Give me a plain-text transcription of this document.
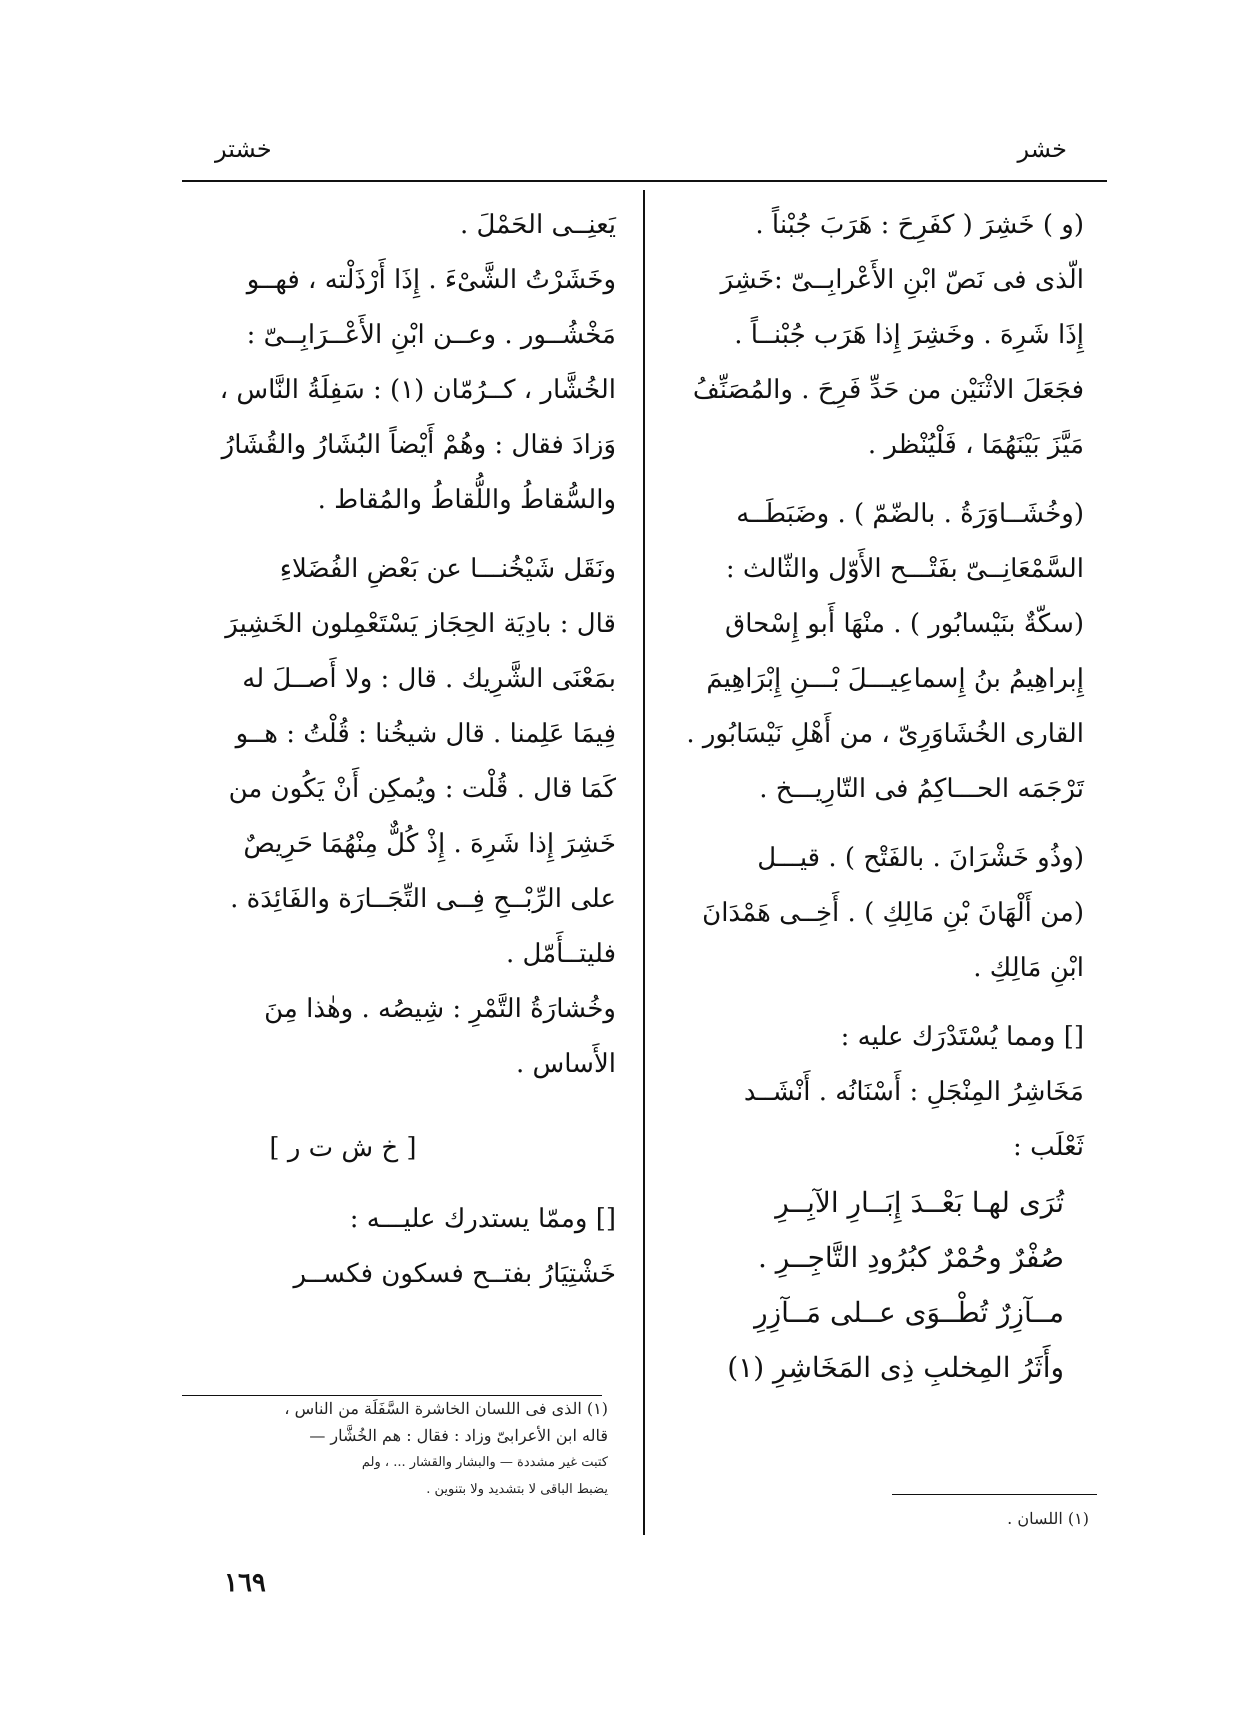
خشر
خشتر
(و ) خَشِرَ ( كفَرِحَ : هَرَبَ جُبْناً .
الّذى فى نَصّ ابْنِ الأَعْرابِــىّ :خَشِرَ
إِذَا شَرِهَ . وخَشِرَ إِذا هَرَب جُبْنــاً .
فجَعَلَ الاثْنَيْن من حَدِّ فَرِحَ . والمُصَنِّفُ
مَيَّزَ بَيْنَهُمَا ، فَلْيُنْظر .
(وخُشَــاوَرَةُ . بالضّمّ ) . وضَبَطَــه
السَّمْعَانِــىّ بفَتْـــح الأَوّل والثّالث :
(سكّةٌ بنَيْسابُور ) . منْهَا أَبو إِسْحاق
إِبراهِيمُ بنُ إِسماعِيـــلَ بْـــنِ إِبْرَاهِيمَ
القارى الخُشَاوَرِىّ ، من أَهْلِ نَيْسَابُور .
تَرْجَمَه الحـــاكِمُ فى التّارِيـــخ .
(وذُو خَشْرَانَ . بالفَتْح ) . قيـــل
(من أَلْهَانَ بْنِ مَالِكِ ) . أَخِــى هَمْدَانَ
ابْنِ مَالِكِ .
[] ومما يُسْتَدْرَك عليه :
مَخَاشِرُ المِنْجَلِ : أَسْنَانُه . أَنْشَــد
ثَعْلَب :
تُرَى لهـا بَعْــدَ إِبَــارِ الآبِــرِ
صُفْرٌ وحُمْرٌ كبُرُودِ التَّاجِــرِ .
مــآزِرٌ تُطْــوَى عــلى مَــآزِرِ
وأَثَرُ المِخلبِ ذِى المَخَاشِرِ (١)
يَعنِــى الحَمْلَ .
وخَشَرْتُ الشَّىْءَ . إِذَا أَرْذَلْته ، فهــو
مَخْشُــور . وعــن ابْنِ الأَعْــرَابِــىّ :
الخُشَّار ، كــرُمّان (١) : سَفِلَةُ النَّاس ،
وَزادَ فقال : وهُمْ أَيْضاً البُشَارُ والقُشَارُ
والسُّقاطُ واللُّقاطُ والمُقاط .
ونَقَل شَيْخُنـــا عن بَعْضِ الفُضَلاءِ
قال : بادِيَة الحِجَاز يَسْتَعْمِلون الخَشِيرَ
بمَعْنَى الشَّرِيك . قال : ولا أَصــلَ له
فِيمَا عَلِمنا . قال شيخُنا : قُلْتُ : هــو
كَمَا قال . قُلْت : ويُمكِن أَنْ يَكُون من
خَشِرَ إِذا شَرِهَ . إِذْ كُلٌّ مِنْهُمَا حَرِيصٌ
على الرِّبْــحِ فِــى التِّجَــارَة والفَائِدَة .
فليتــأَمّل .
وخُشارَةُ التَّمْرِ : شِيصُه . وهٰذا مِنَ
الأَساس .
[ خ ش ت ر ]
[] وممّا يستدرك عليـــه :
خَشْتِيَارُ بفتــح فسكون فكســر
(١) الذى فى اللسان الخاشرة السَّفَلَة من الناس ،
قاله ابن الأعرابىّ وزاد : فقال : هم الخُشَّار —
كتبت غير مشددة — والبشار والقشار ... ، ولم
يضبط الباقى لا بتشديد ولا بتنوين .
(١) اللسان .
١٦٩
